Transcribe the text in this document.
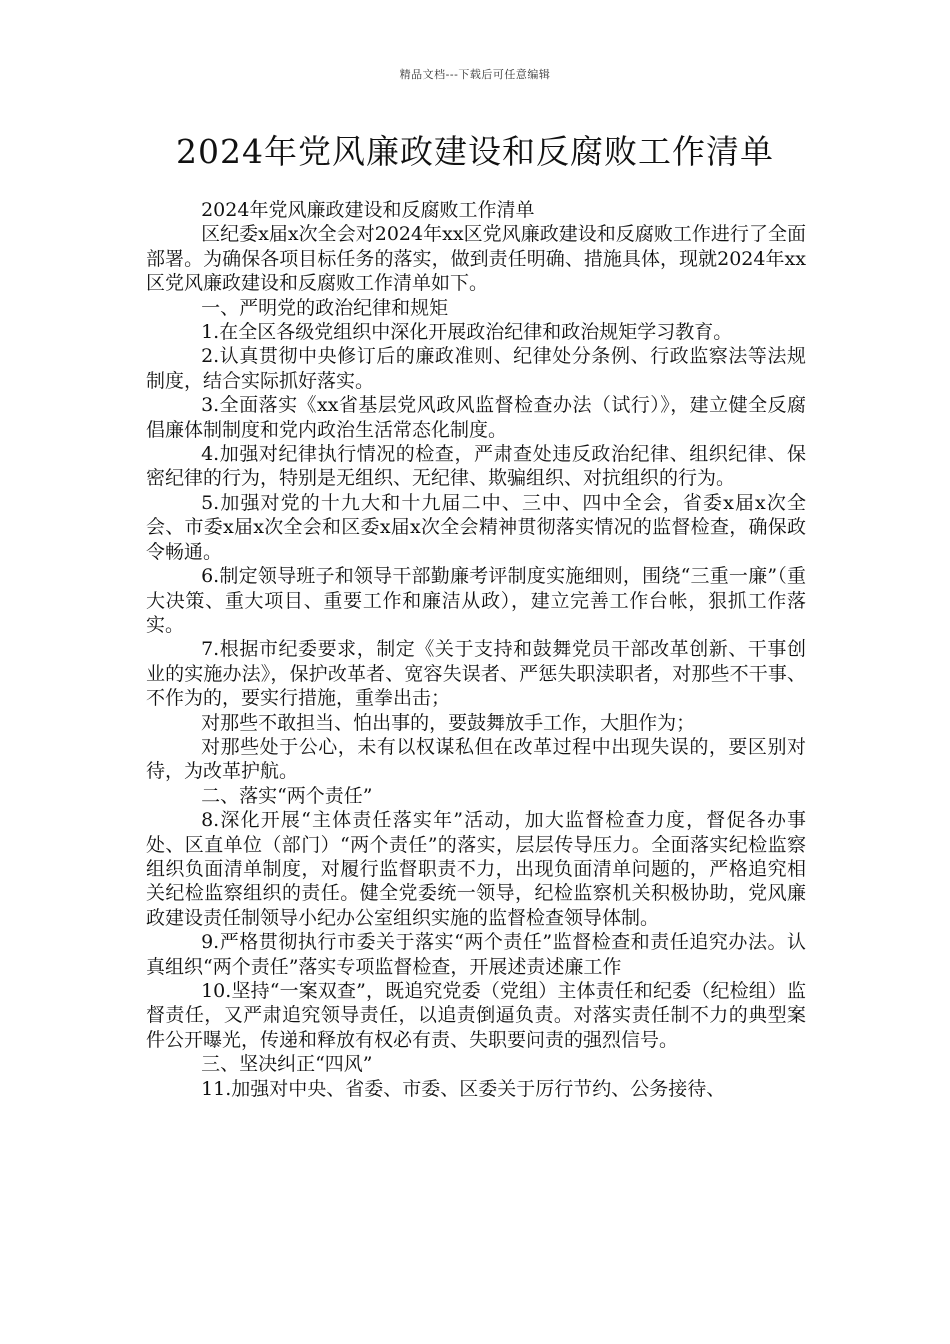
精品文档---下载后可任意编辑
2024年党风廉政建设和反腐败工作清单

2024年党风廉政建设和反腐败工作清单

区纪委x届x次全会对2024年xx区党风廉政建设和反腐败工作进行了全面部署。为确保各项目标任务的落实，做到责任明确、措施具体，现就2024年xx区党风廉政建设和反腐败工作清单如下。

一、严明党的政治纪律和规矩

1.在全区各级党组织中深化开展政治纪律和政治规矩学习教育。

2.认真贯彻中央修订后的廉政准则、纪律处分条例、行政监察法等法规制度，结合实际抓好落实。

3.全面落实《xx省基层党风政风监督检查办法（试行）》，建立健全反腐倡廉体制制度和党内政治生活常态化制度。

4.加强对纪律执行情况的检查，严肃查处违反政治纪律、组织纪律、保密纪律的行为，特别是无组织、无纪律、欺骗组织、对抗组织的行为。

5.加强对党的十九大和十九届二中、三中、四中全会，省委x届x次全会、市委x届x次全会和区委x届x次全会精神贯彻落实情况的监督检查，确保政令畅通。

6.制定领导班子和领导干部勤廉考评制度实施细则，围绕“三重一廉”（重大决策、重大项目、重要工作和廉洁从政），建立完善工作台帐，狠抓工作落实。

7.根据市纪委要求，制定《关于支持和鼓舞党员干部改革创新、干事创业的实施办法》，保护改革者、宽容失误者、严惩失职渎职者，对那些不干事、不作为的，要实行措施，重拳出击；

对那些不敢担当、怕出事的，要鼓舞放手工作，大胆作为；

对那些处于公心，未有以权谋私但在改革过程中出现失误的，要区别对待，为改革护航。

二、落实“两个责任”

8.深化开展“主体责任落实年”活动，加大监督检查力度，督促各办事处、区直单位（部门）“两个责任”的落实，层层传导压力。全面落实纪检监察组织负面清单制度，对履行监督职责不力，出现负面清单问题的，严格追究相关纪检监察组织的责任。健全党委统一领导，纪检监察机关积极协助，党风廉政建设责任制领导小纪办公室组织实施的监督检查领导体制。

9.严格贯彻执行市委关于落实“两个责任”监督检查和责任追究办法。认真组织“两个责任”落实专项监督检查，开展述责述廉工作

10.坚持“一案双查”，既追究党委（党组）主体责任和纪委（纪检组）监督责任，又严肃追究领导责任，以追责倒逼负责。对落实责任制不力的典型案件公开曝光，传递和释放有权必有责、失职要问责的强烈信号。

三、坚决纠正“四风”

11.加强对中央、省委、市委、区委关于厉行节约、公务接待、
